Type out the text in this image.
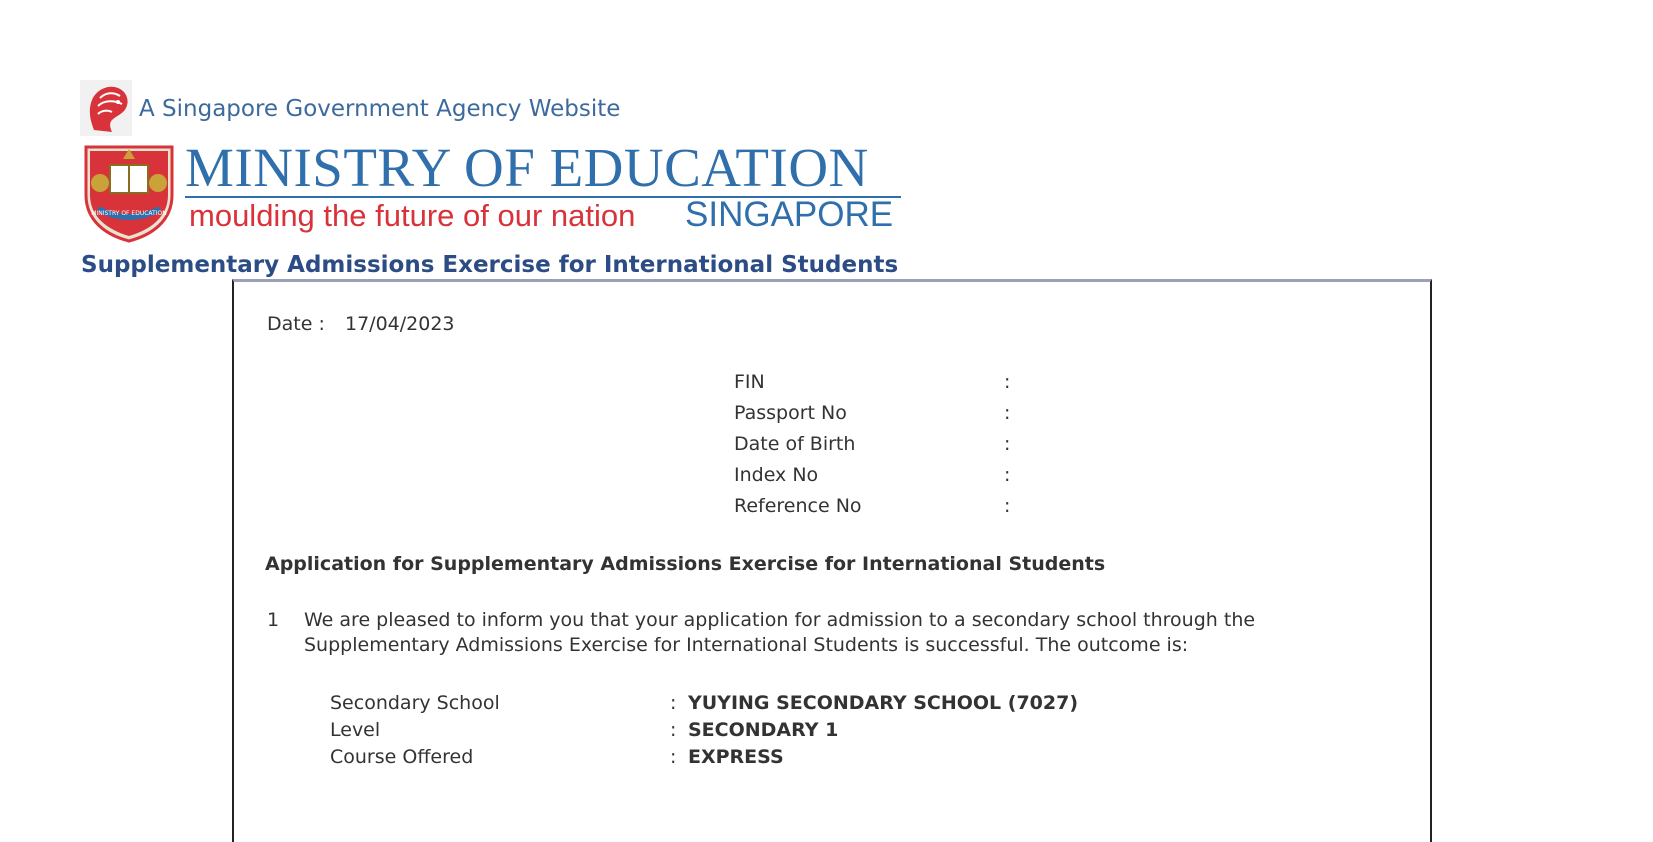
A Singapore Government Agency Website
MINISTRY OF EDUCATION
MINISTRY OF EDUCATION
moulding the future of our nation SINGAPORE
Supplementary Admissions Exercise for International Students
Date : 17/04/2023
FIN	:
Passport No	:
Date of Birth	:
Index No	:
Reference No	:
Application for Supplementary Admissions Exercise for International Students
1 We are pleased to inform you that your application for admission to a secondary school through the
Supplementary Admissions Exercise for International Students is successful. The outcome is:
Secondary School	: YUYING SECONDARY SCHOOL (7027)
Level	: SECONDARY 1
Course Offered	: EXPRESS
